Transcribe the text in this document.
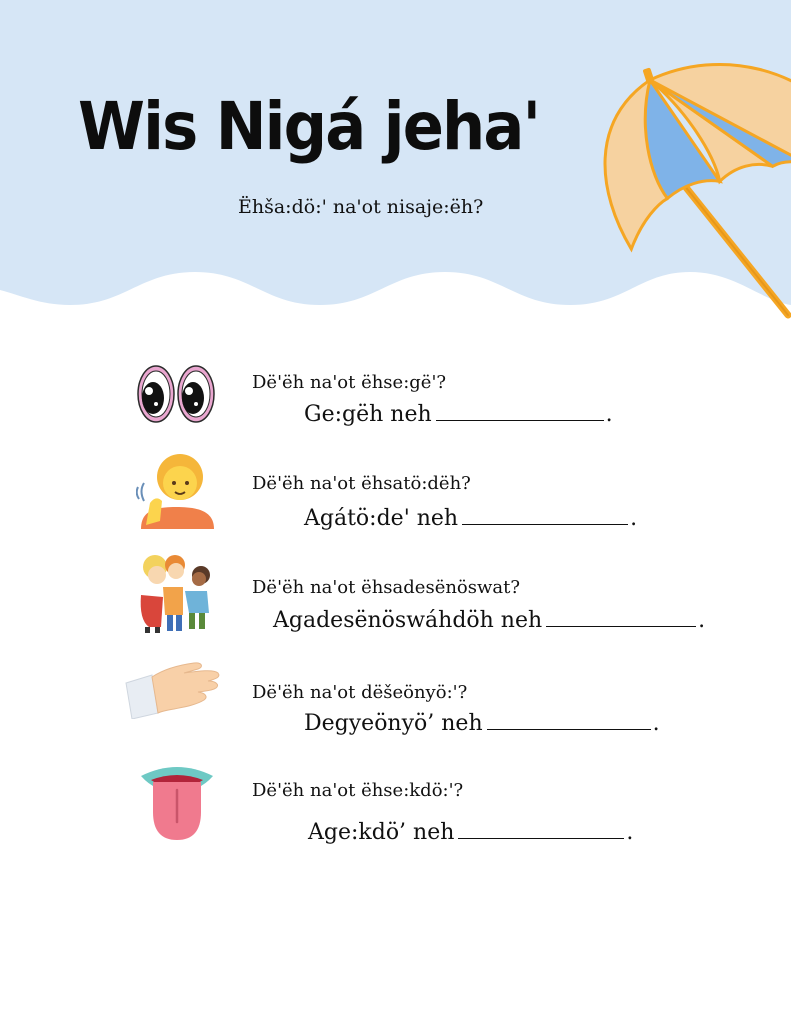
Wis Nigá jeha'
Ëhša:dö:' na'ot nisaje:ëh?
Dë'ëh na'ot ëhse:gë'?
Ge:gëh neh	.
Dë'ëh na'ot ëhsatö:dëh?
Agátö:de' neh	.
Dë'ëh na'ot ëhsadesënöswat?
Agadesënöswáhdöh neh	.
Dë'ëh na'ot dëšeönyö:'?
Degyeönyö’ neh	.
Dë'ëh na'ot ëhse:kdö:'?
Age:kdö’ neh	.
